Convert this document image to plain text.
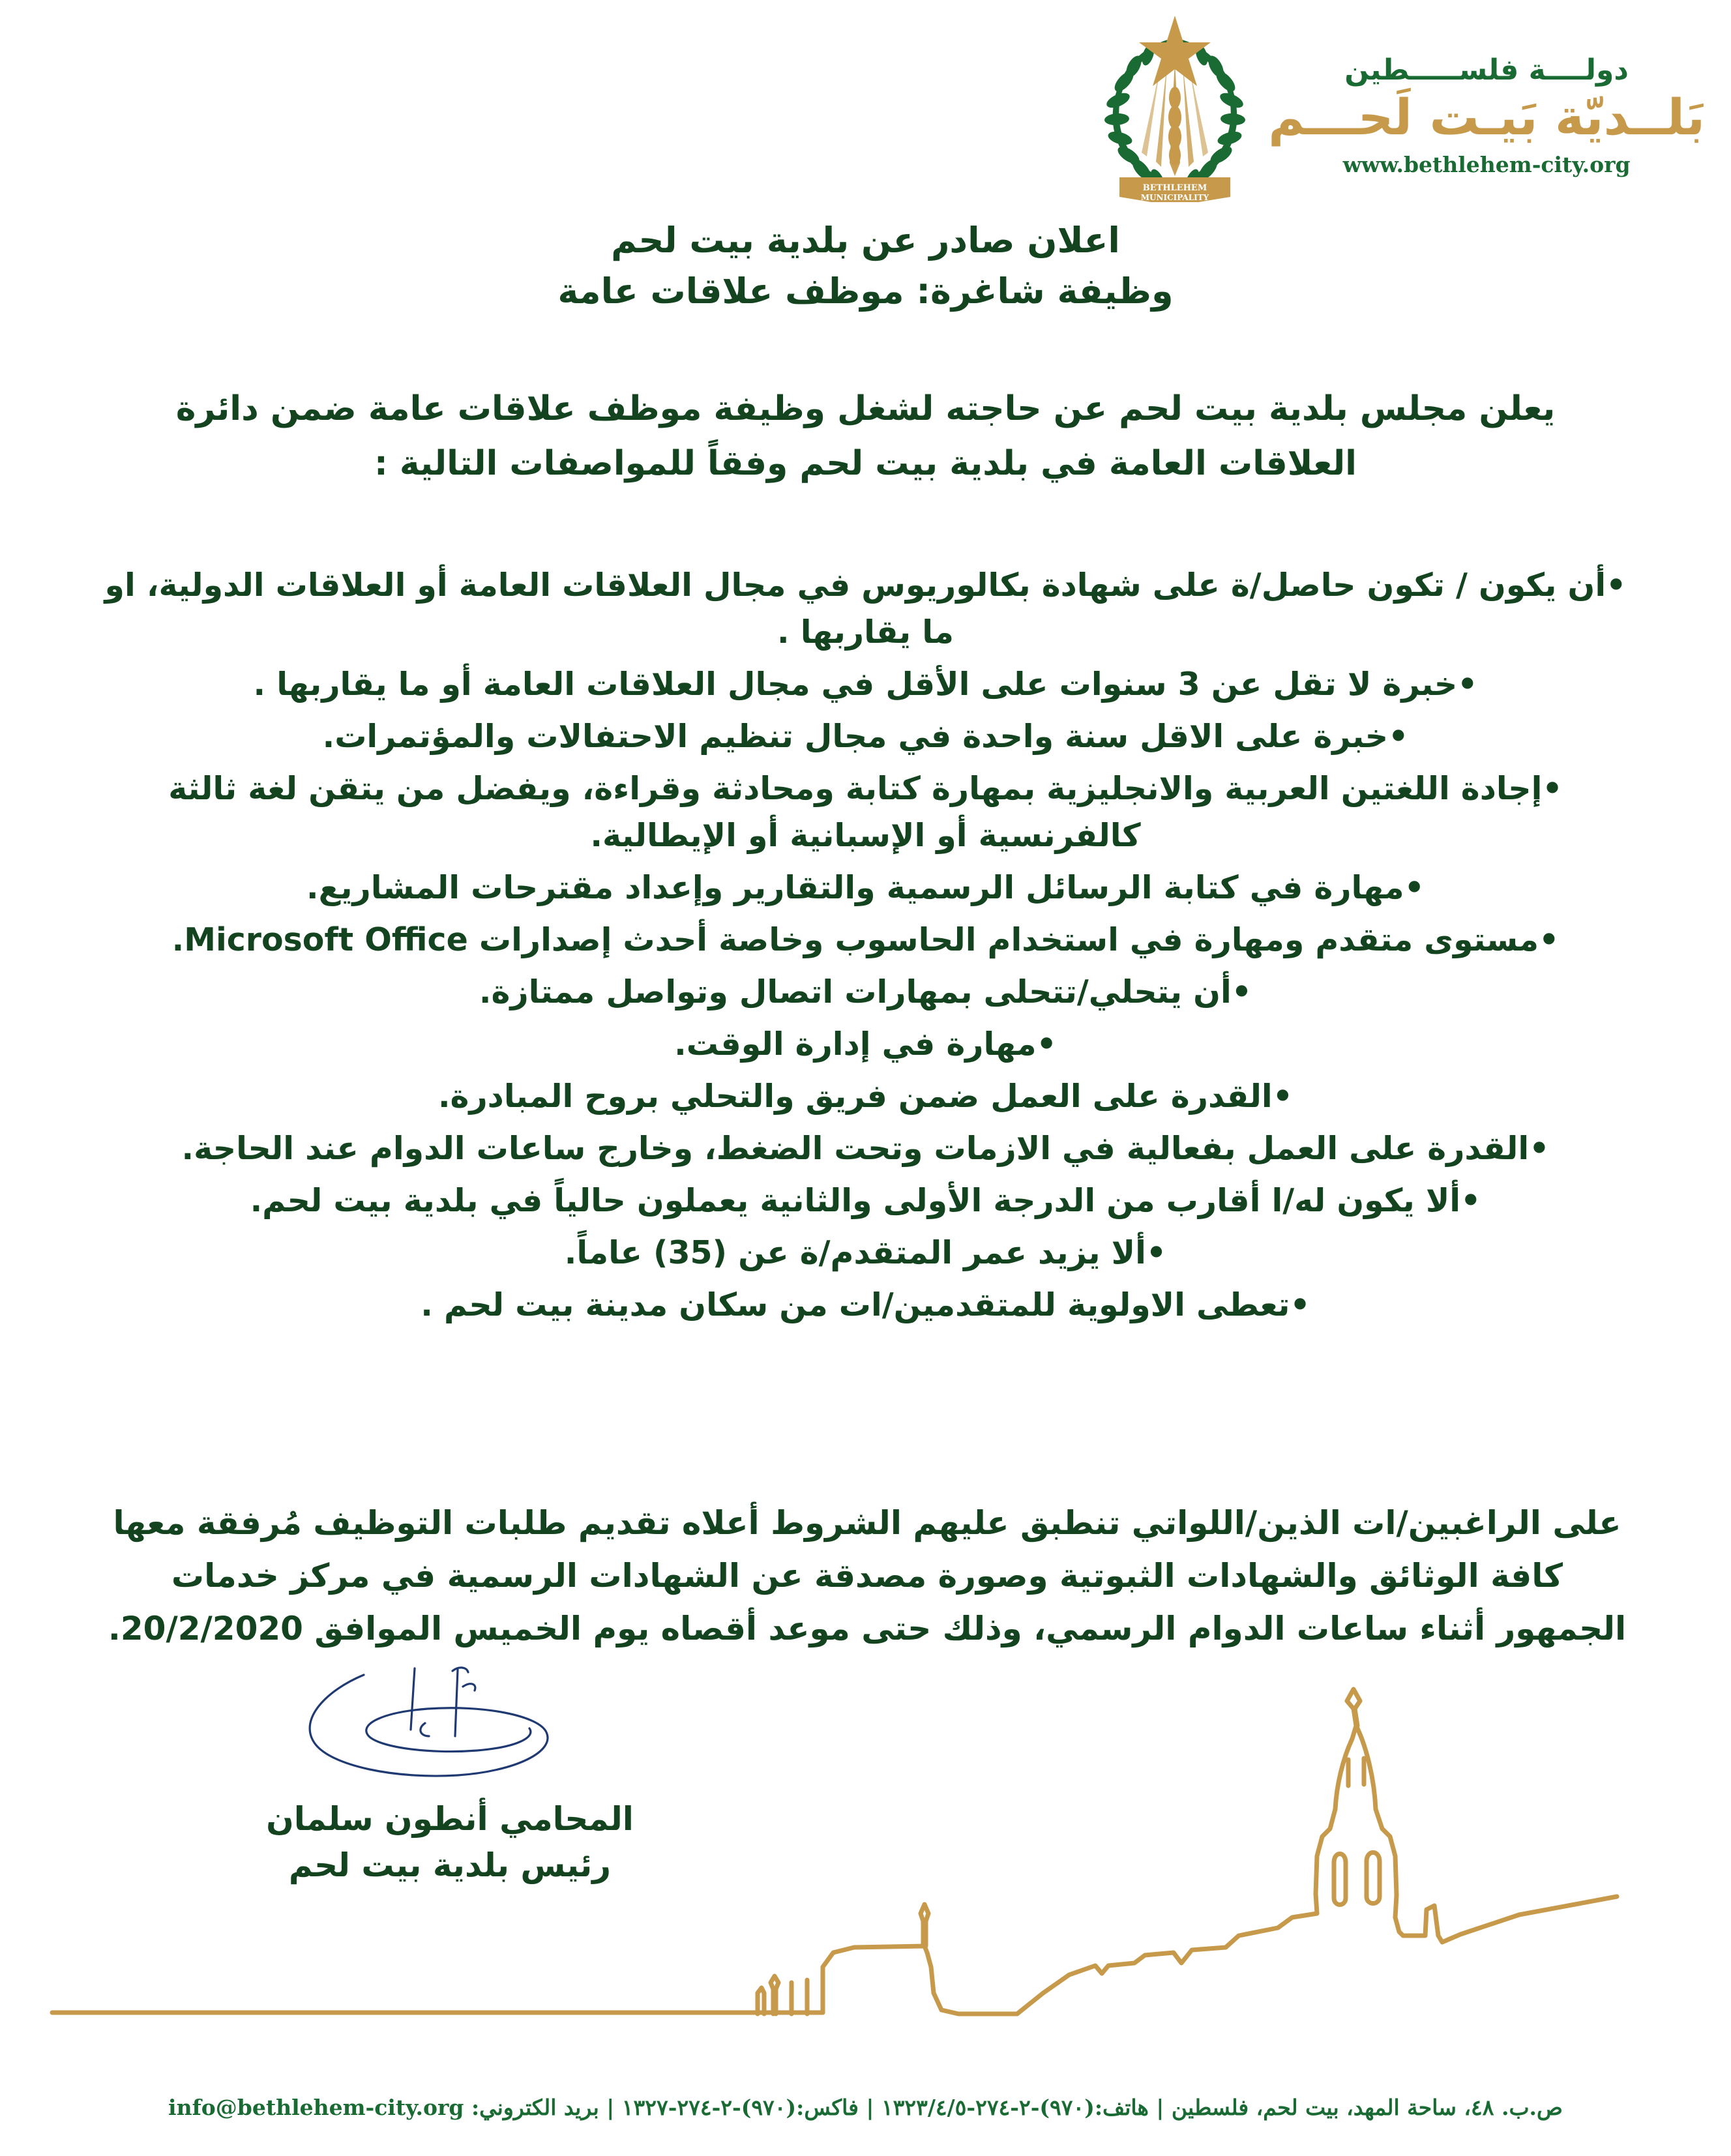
دولــــة فلســـــطين
بَلــديّة بَيـت لَحـــم
www.bethlehem-city.org
BETHLEHEM
MUNICIPALITY
اعلان صادر عن بلدية بيت لحم
وظيفة شاغرة: موظف علاقات عامة
يعلن مجلس بلدية بيت لحم عن حاجته لشغل وظيفة موظف علاقات عامة ضمن دائرة العلاقات العامة في بلدية بيت لحم وفقاً للمواصفات التالية :
•أن يكون / تكون حاصل/ة على شهادة بكالوريوس في مجال العلاقات العامة أو العلاقات الدولية، او ما يقاربها .
•خبرة لا تقل عن 3 سنوات على الأقل في مجال العلاقات العامة أو ما يقاربها .
•خبرة على الاقل سنة واحدة في مجال تنظيم الاحتفالات والمؤتمرات.
•إجادة اللغتين العربية والانجليزية بمهارة كتابة ومحادثة وقراءة، ويفضل من يتقن لغة ثالثة كالفرنسية أو الإسبانية أو الإيطالية.
•مهارة في كتابة الرسائل الرسمية والتقارير وإعداد مقترحات المشاريع.
•مستوى متقدم ومهارة في استخدام الحاسوب وخاصة أحدث إصدارات Microsoft Office.
•أن يتحلي/تتحلى بمهارات اتصال وتواصل ممتازة.
•مهارة في إدارة الوقت.
•القدرة على العمل ضمن فريق والتحلي بروح المبادرة.
•القدرة على العمل بفعالية في الازمات وتحت الضغط، وخارج ساعات الدوام عند الحاجة.
•ألا يكون له/ا أقارب من الدرجة الأولى والثانية يعملون حالياً في بلدية بيت لحم.
•ألا يزيد عمر المتقدم/ة عن (35) عاماً.
•تعطى الاولوية للمتقدمين/ات من سكان مدينة بيت لحم .
على الراغبين/ات الذين/اللواتي تنطبق عليهم الشروط أعلاه تقديم طلبات التوظيف مُرفقة معها كافة الوثائق والشهادات الثبوتية وصورة مصدقة عن الشهادات الرسمية في مركز خدمات الجمهور أثناء ساعات الدوام الرسمي، وذلك حتى موعد أقصاه يوم الخميس الموافق 20/2/2020.
المحامي أنطون سلمان
رئيس بلدية بيت لحم
ص.ب. ٤٨، ساحة المهد، بيت لحم، فلسطين | هاتف:(٩٧٠)-٢-٢٧٤-١٣٢٣/٤/٥ | فاكس:(٩٧٠)-٢-٢٧٤-١٣٢٧ | بريد الكتروني: info@bethlehem-city.org
